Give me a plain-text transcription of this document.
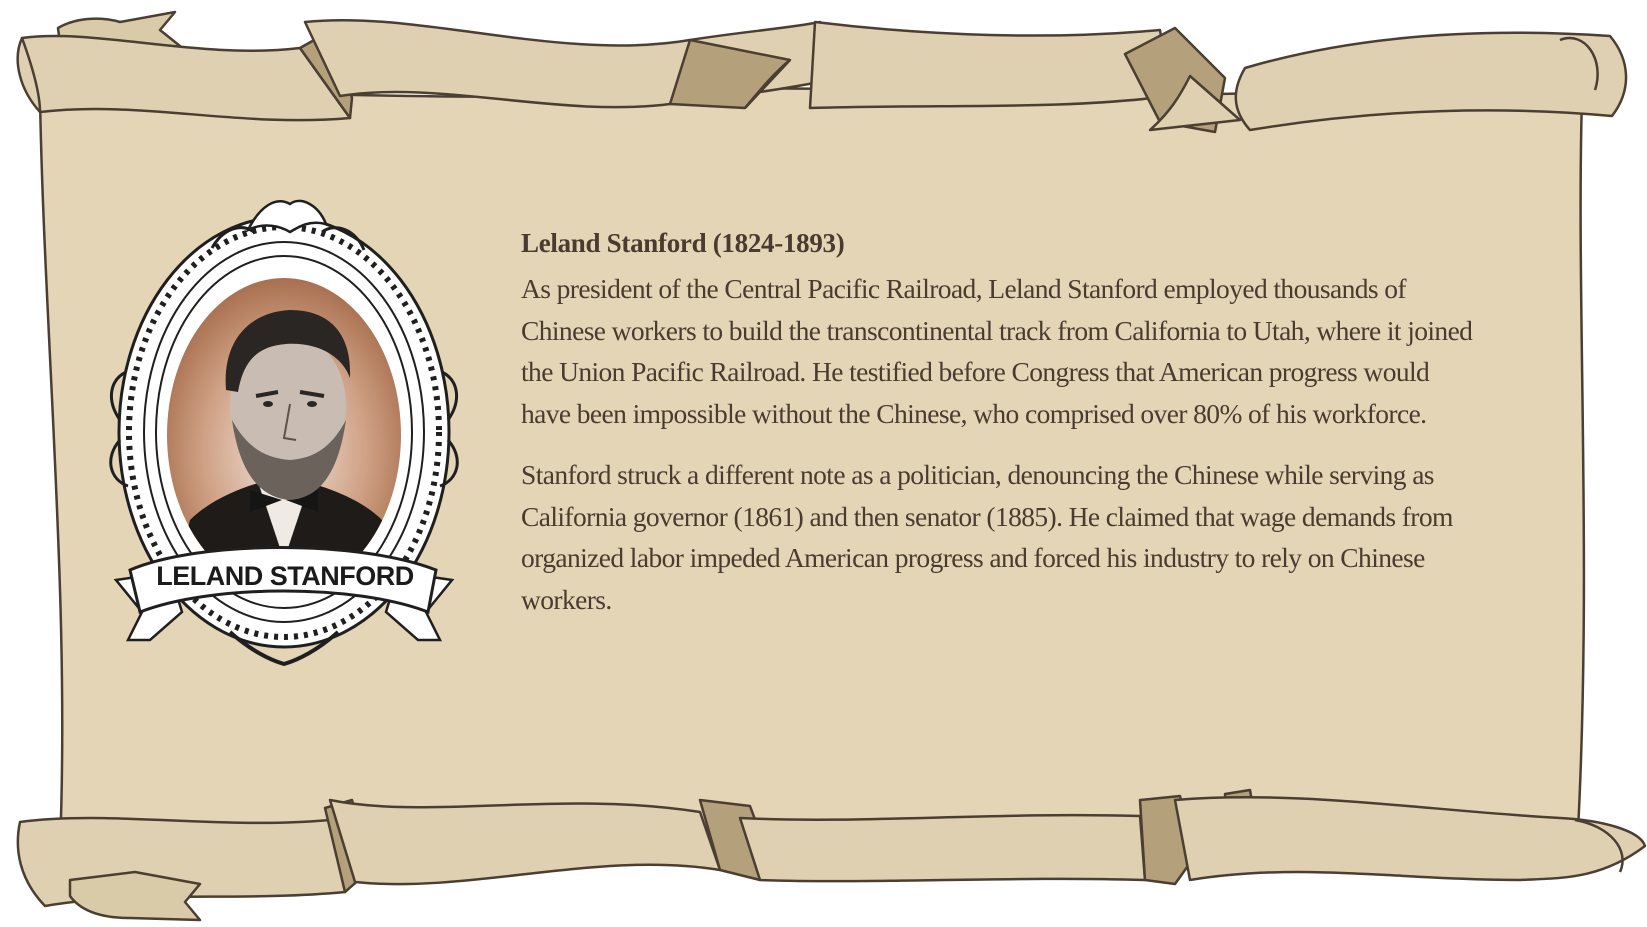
LELAND STANFORD
Leland Stanford (1824-1893)

As president of the Central Pacific Railroad, Leland Stanford employed thousands of Chinese workers to build the transcontinental track from California to Utah, where it joined the Union Pacific Railroad. He testified before Congress that American progress would have been impossible without the Chinese, who comprised over 80% of his workforce.

Stanford struck a different note as a politician, denouncing the Chinese while serving as California governor (1861) and then senator (1885). He claimed that wage demands from organized labor impeded American progress and forced his industry to rely on Chinese workers.
